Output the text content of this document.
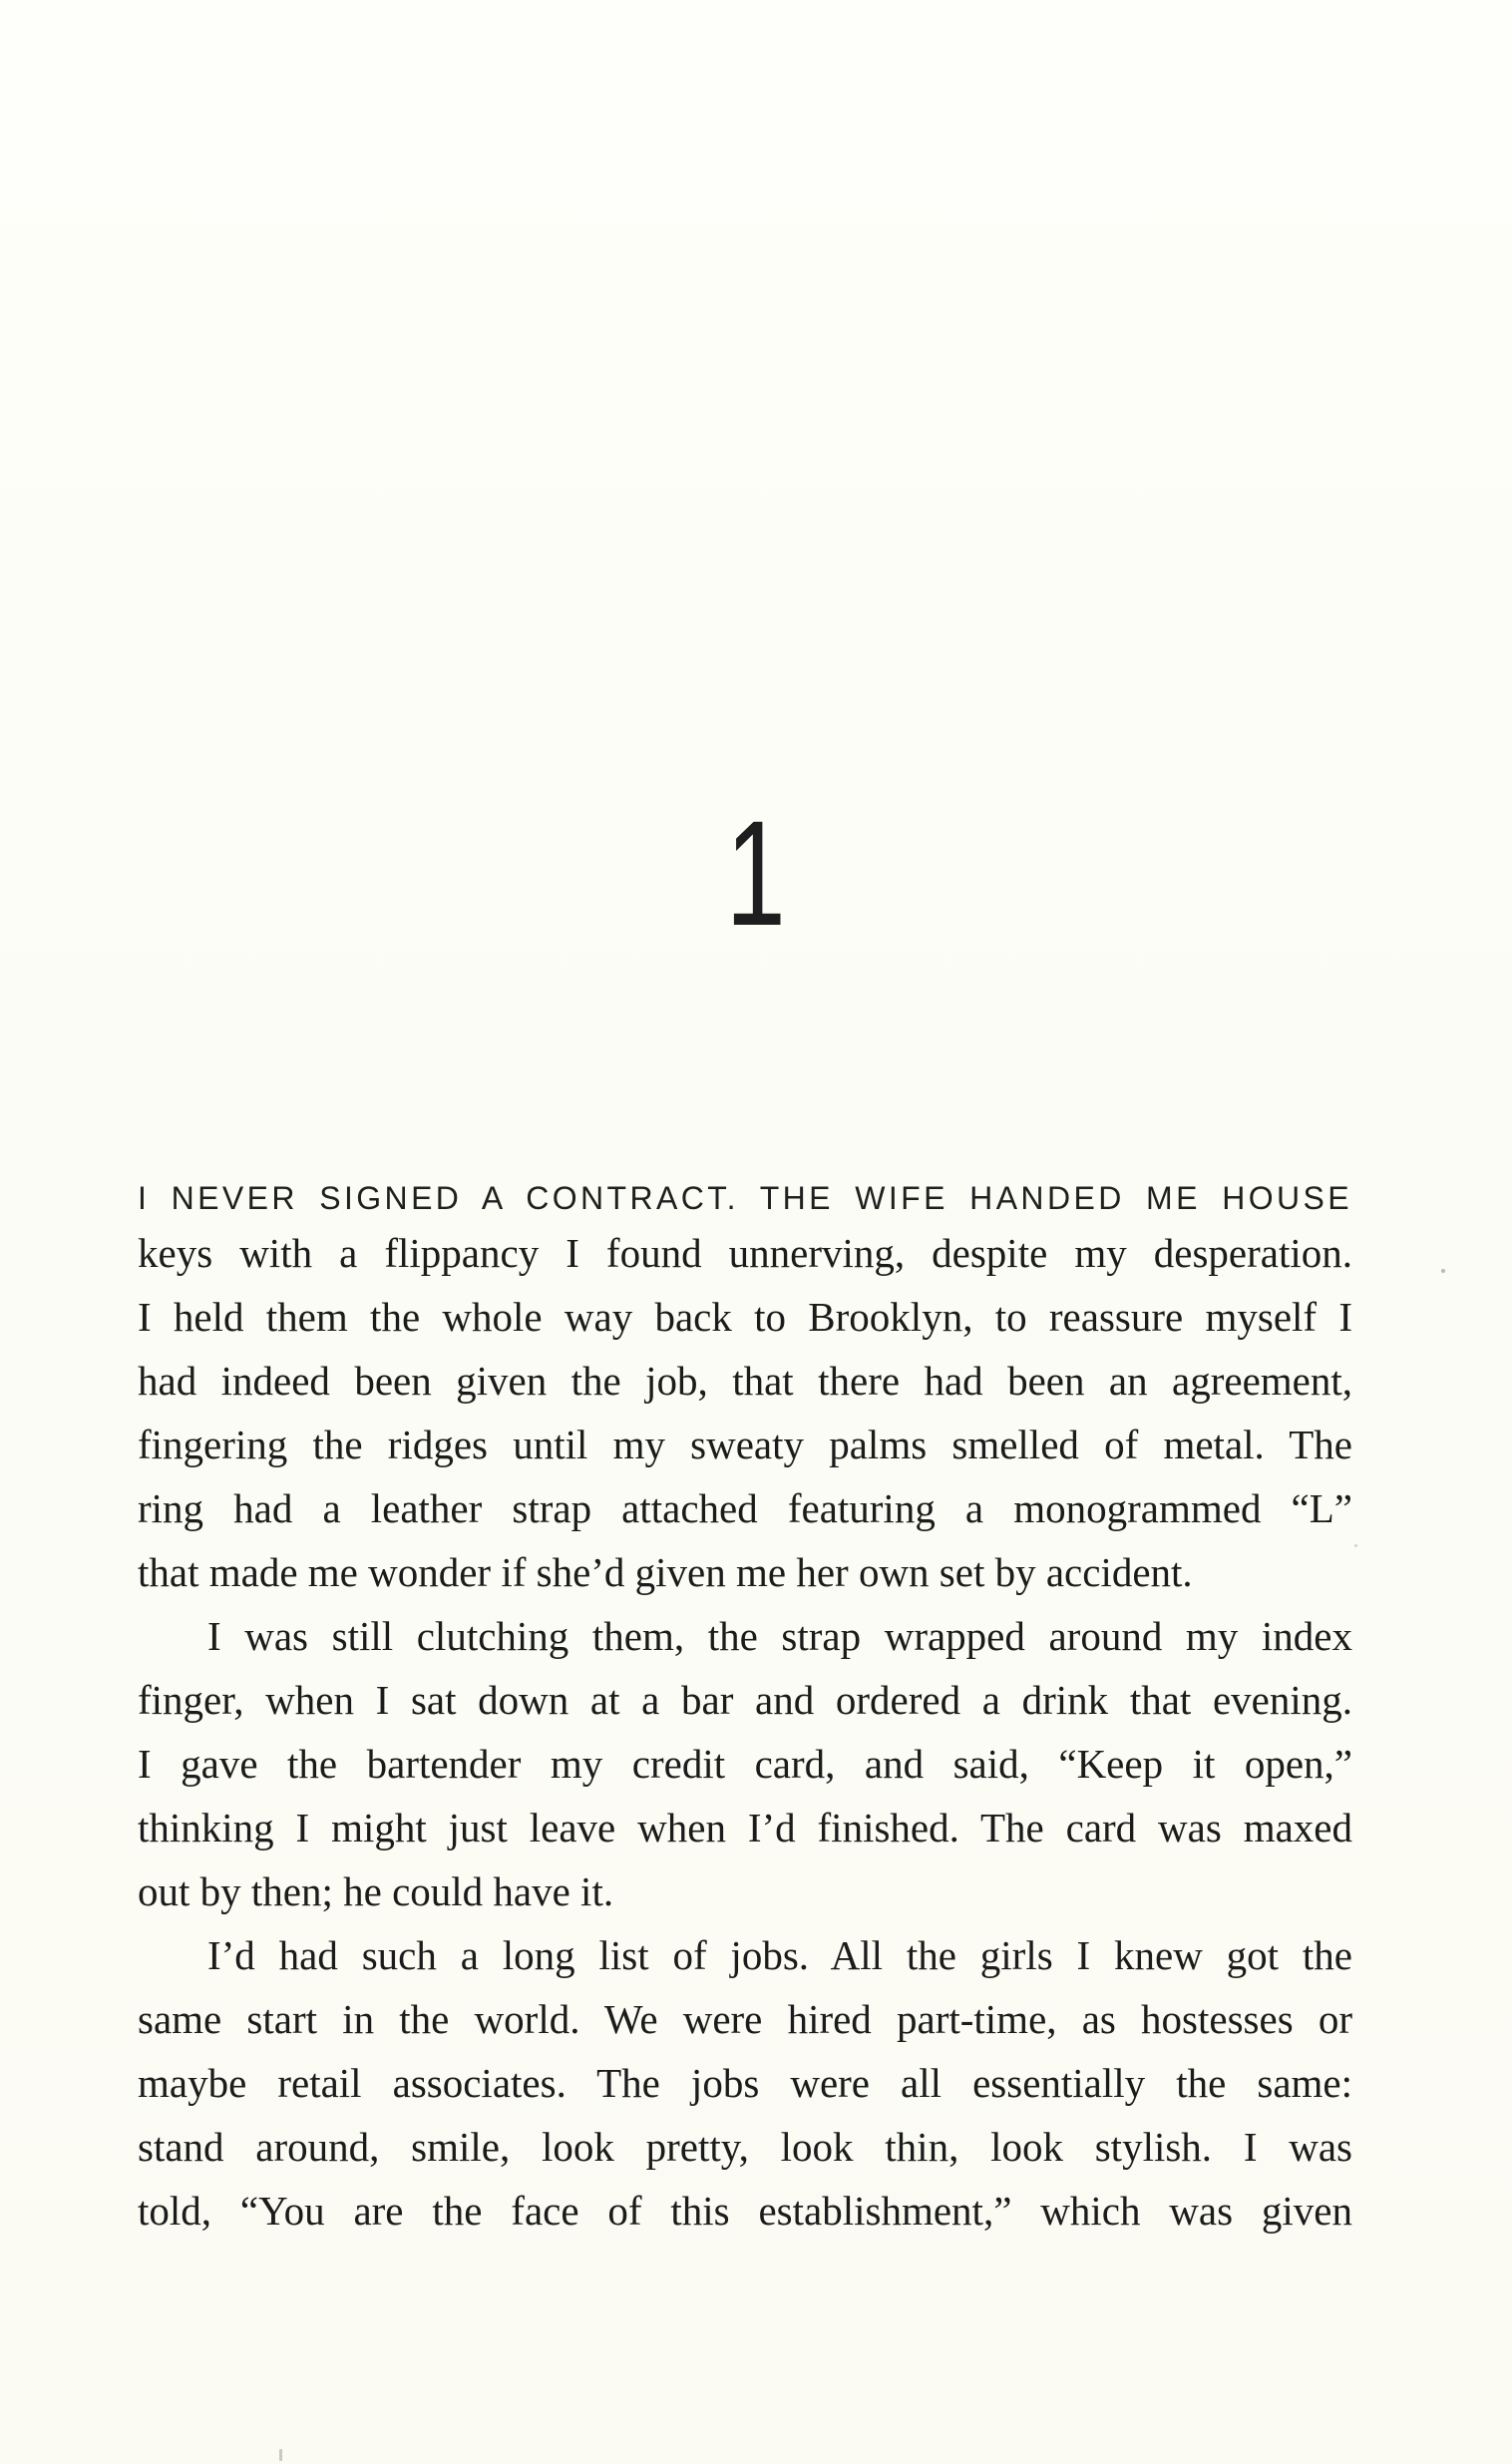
1
I NEVER SIGNED A CONTRACT. THE WIFE HANDED ME HOUSE
keys with a flippancy I found unnerving, despite my desperation.
I held them the whole way back to Brooklyn, to reassure myself I
had indeed been given the job, that there had been an agreement,
fingering the ridges until my sweaty palms smelled of metal. The
ring had a leather strap attached featuring a monogrammed “L”
that made me wonder if she’d given me her own set by accident.
I was still clutching them, the strap wrapped around my index
finger, when I sat down at a bar and ordered a drink that evening.
I gave the bartender my credit card, and said, “Keep it open,”
thinking I might just leave when I’d finished. The card was maxed
out by then; he could have it.
I’d had such a long list of jobs. All the girls I knew got the
same start in the world. We were hired part-time, as hostesses or
maybe retail associates. The jobs were all essentially the same:
stand around, smile, look pretty, look thin, look stylish. I was
told, “You are the face of this establishment,” which was given
